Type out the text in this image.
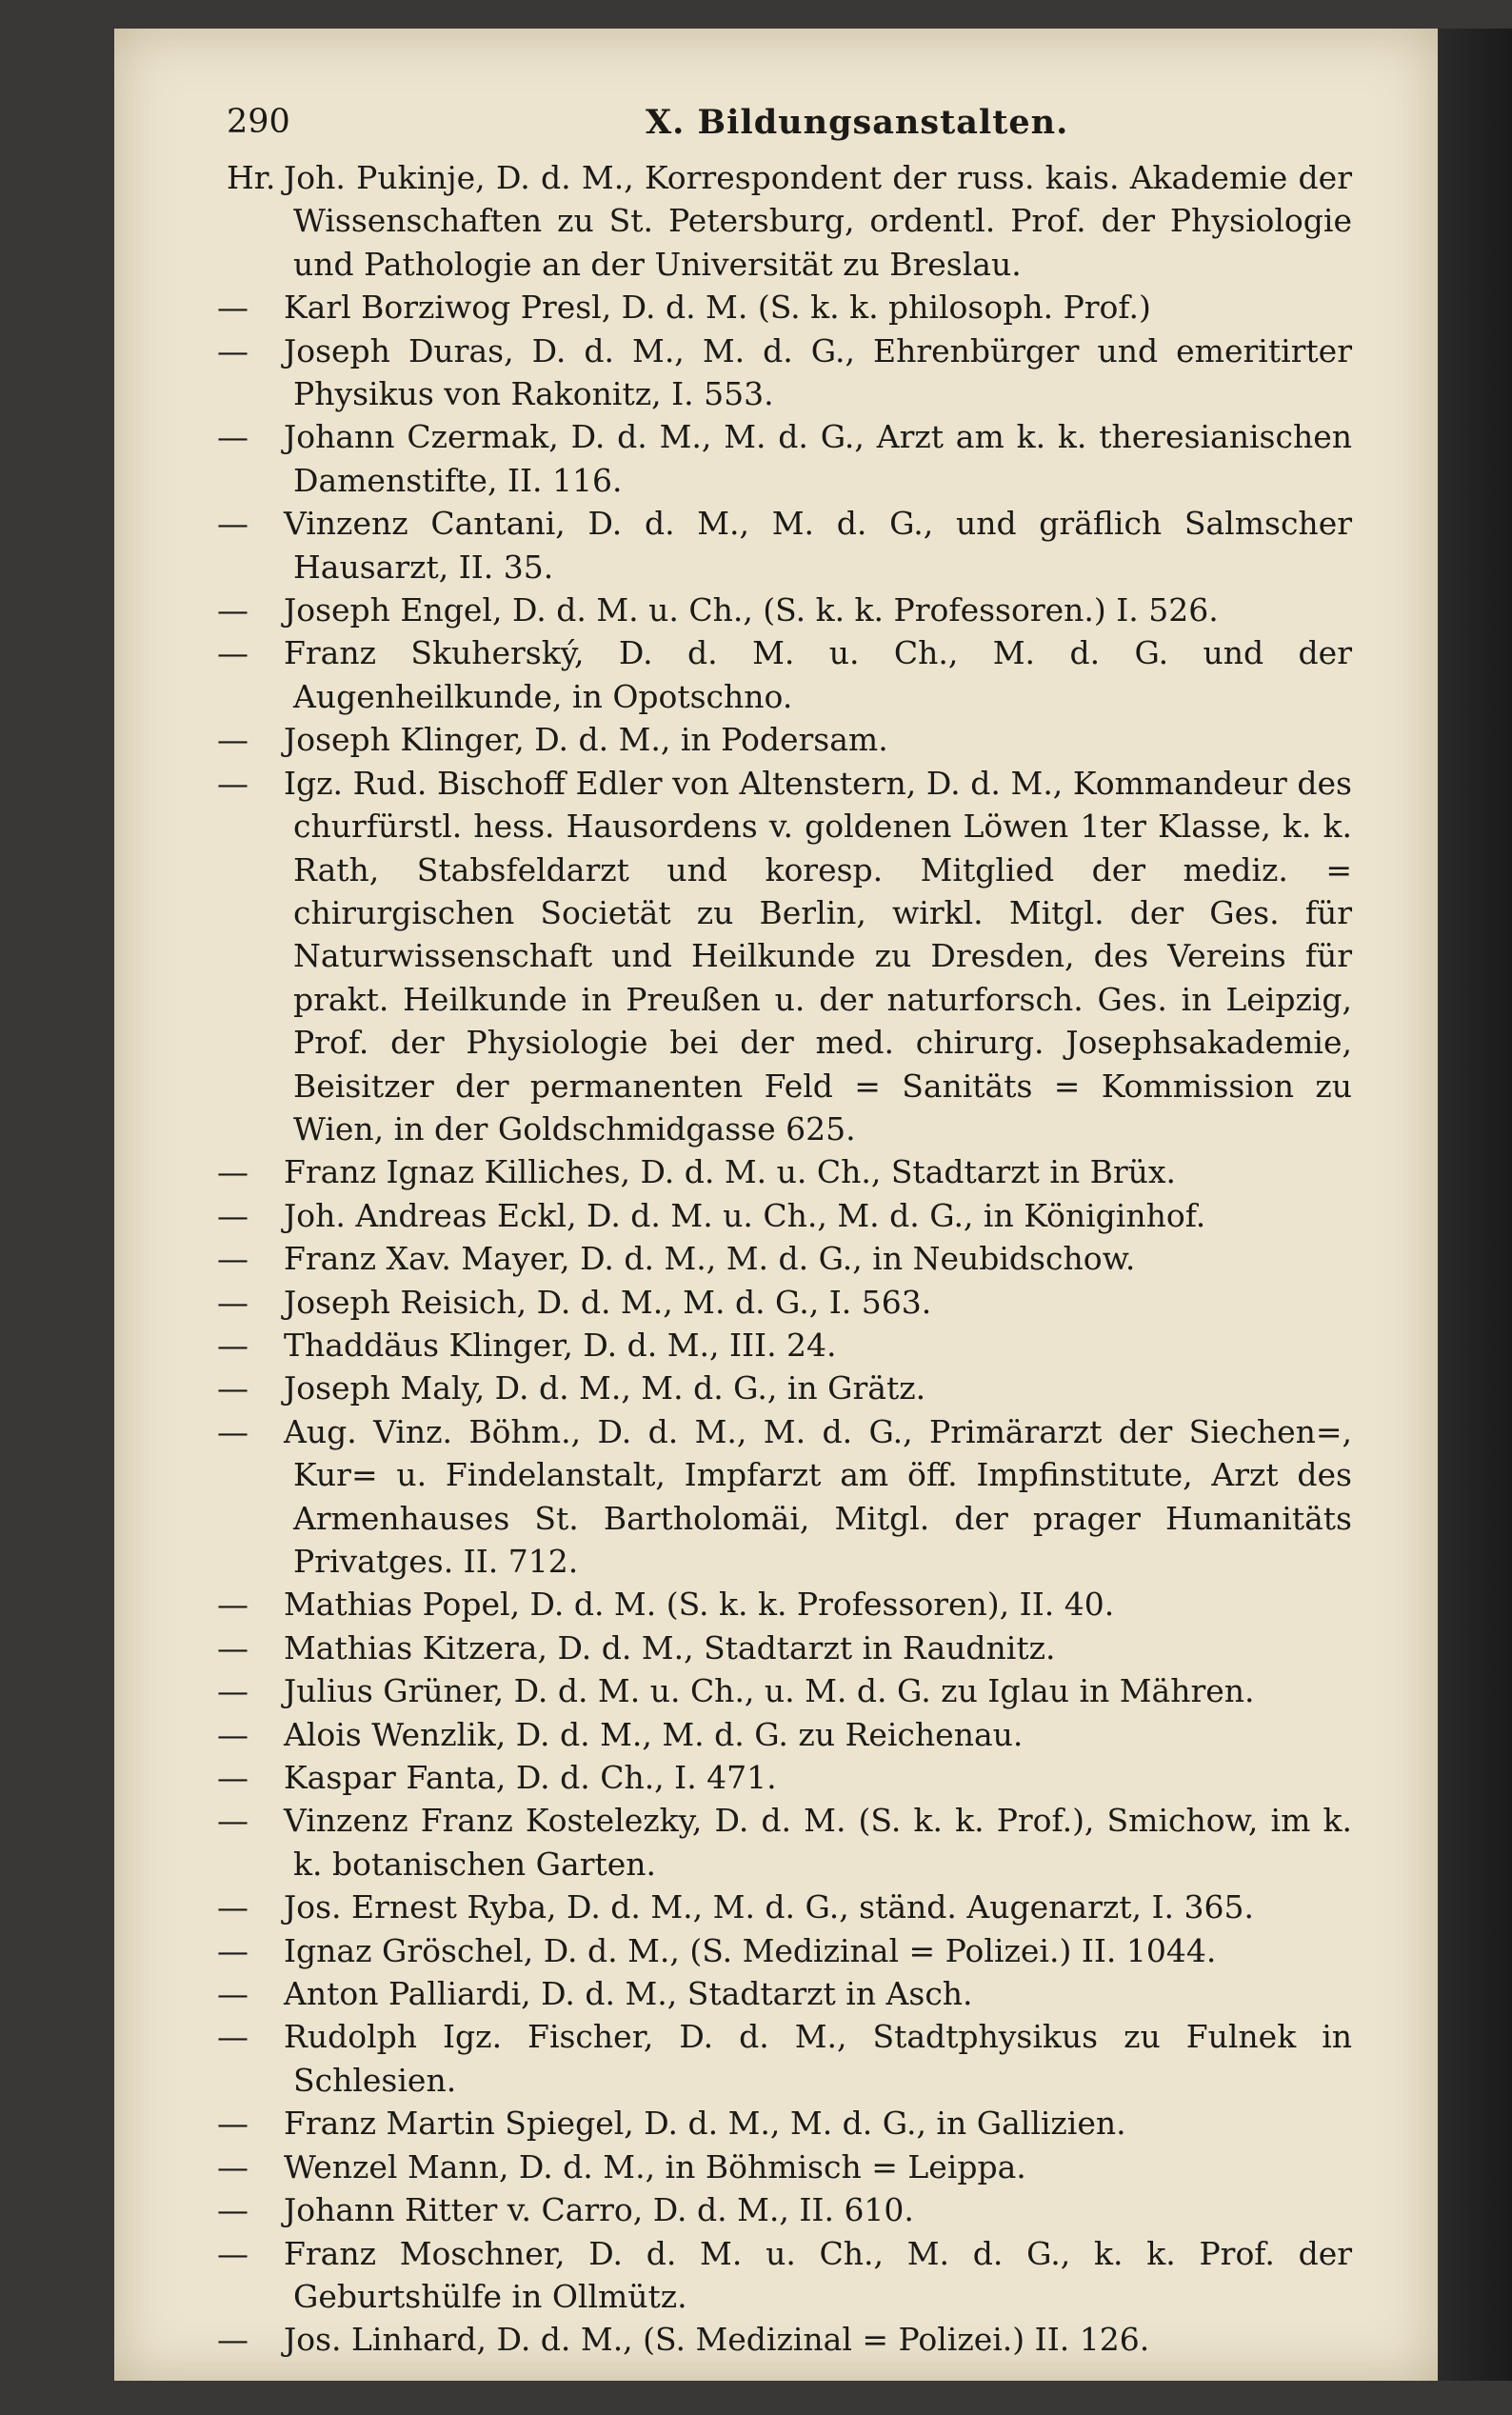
290	X. Bildungsanstalten.
Hr. Joh. Pukinje, D. d. M., Korrespondent der russ. kais. Akademie der Wissenschaften zu St. Petersburg, ordentl. Prof. der Physiologie und Pathologie an der Universität zu Breslau.
— Karl Borziwog Presl, D. d. M. (S. k. k. philosoph. Prof.)
— Joseph Duras, D. d. M., M. d. G., Ehrenbürger und emeritirter Physikus von Rakonitz, I. 553.
— Johann Czermak, D. d. M., M. d. G., Arzt am k. k. theresianischen Damenstifte, II. 116.
— Vinzenz Cantani, D. d. M., M. d. G., und gräflich Salmscher Hausarzt, II. 35.
— Joseph Engel, D. d. M. u. Ch., (S. k. k. Professoren.) I. 526.
— Franz Skuherský, D. d. M. u. Ch., M. d. G. und der Augenheilkunde, in Opotschno.
— Joseph Klinger, D. d. M., in Podersam.
— Igz. Rud. Bischoff Edler von Altenstern, D. d. M., Kommandeur des churfürstl. hess. Hausordens v. goldenen Löwen 1ter Klasse, k. k. Rath, Stabsfeldarzt und koresp. Mitglied der mediz. = chirurgischen Societät zu Berlin, wirkl. Mitgl. der Ges. für Naturwissenschaft und Heilkunde zu Dresden, des Vereins für prakt. Heilkunde in Preußen u. der naturforsch. Ges. in Leipzig, Prof. der Physiologie bei der med. chirurg. Josephsakademie, Beisitzer der permanenten Feld = Sanitäts = Kommission zu Wien, in der Goldschmidgasse 625.
— Franz Ignaz Killiches, D. d. M. u. Ch., Stadtarzt in Brüx.
— Joh. Andreas Eckl, D. d. M. u. Ch., M. d. G., in Königinhof.
— Franz Xav. Mayer, D. d. M., M. d. G., in Neubidschow.
— Joseph Reisich, D. d. M., M. d. G., I. 563.
— Thaddäus Klinger, D. d. M., III. 24.
— Joseph Maly, D. d. M., M. d. G., in Grätz.
— Aug. Vinz. Böhm., D. d. M., M. d. G., Primärarzt der Siechen=, Kur= u. Findelanstalt, Impfarzt am öff. Impfinstitute, Arzt des Armenhauses St. Bartholomäi, Mitgl. der prager Humanitäts Privatges. II. 712.
— Mathias Popel, D. d. M. (S. k. k. Professoren), II. 40.
— Mathias Kitzera, D. d. M., Stadtarzt in Raudnitz.
— Julius Grüner, D. d. M. u. Ch., u. M. d. G. zu Iglau in Mähren.
— Alois Wenzlik, D. d. M., M. d. G. zu Reichenau.
— Kaspar Fanta, D. d. Ch., I. 471.
— Vinzenz Franz Kostelezky, D. d. M. (S. k. k. Prof.), Smichow, im k. k. botanischen Garten.
— Jos. Ernest Ryba, D. d. M., M. d. G., ständ. Augenarzt, I. 365.
— Ignaz Gröschel, D. d. M., (S. Medizinal = Polizei.) II. 1044.
— Anton Palliardi, D. d. M., Stadtarzt in Asch.
— Rudolph Igz. Fischer, D. d. M., Stadtphysikus zu Fulnek in Schlesien.
— Franz Martin Spiegel, D. d. M., M. d. G., in Gallizien.
— Wenzel Mann, D. d. M., in Böhmisch = Leippa.
— Johann Ritter v. Carro, D. d. M., II. 610.
— Franz Moschner, D. d. M. u. Ch., M. d. G., k. k. Prof. der Geburtshülfe in Ollmütz.
— Jos. Linhard, D. d. M., (S. Medizinal = Polizei.) II. 126.
